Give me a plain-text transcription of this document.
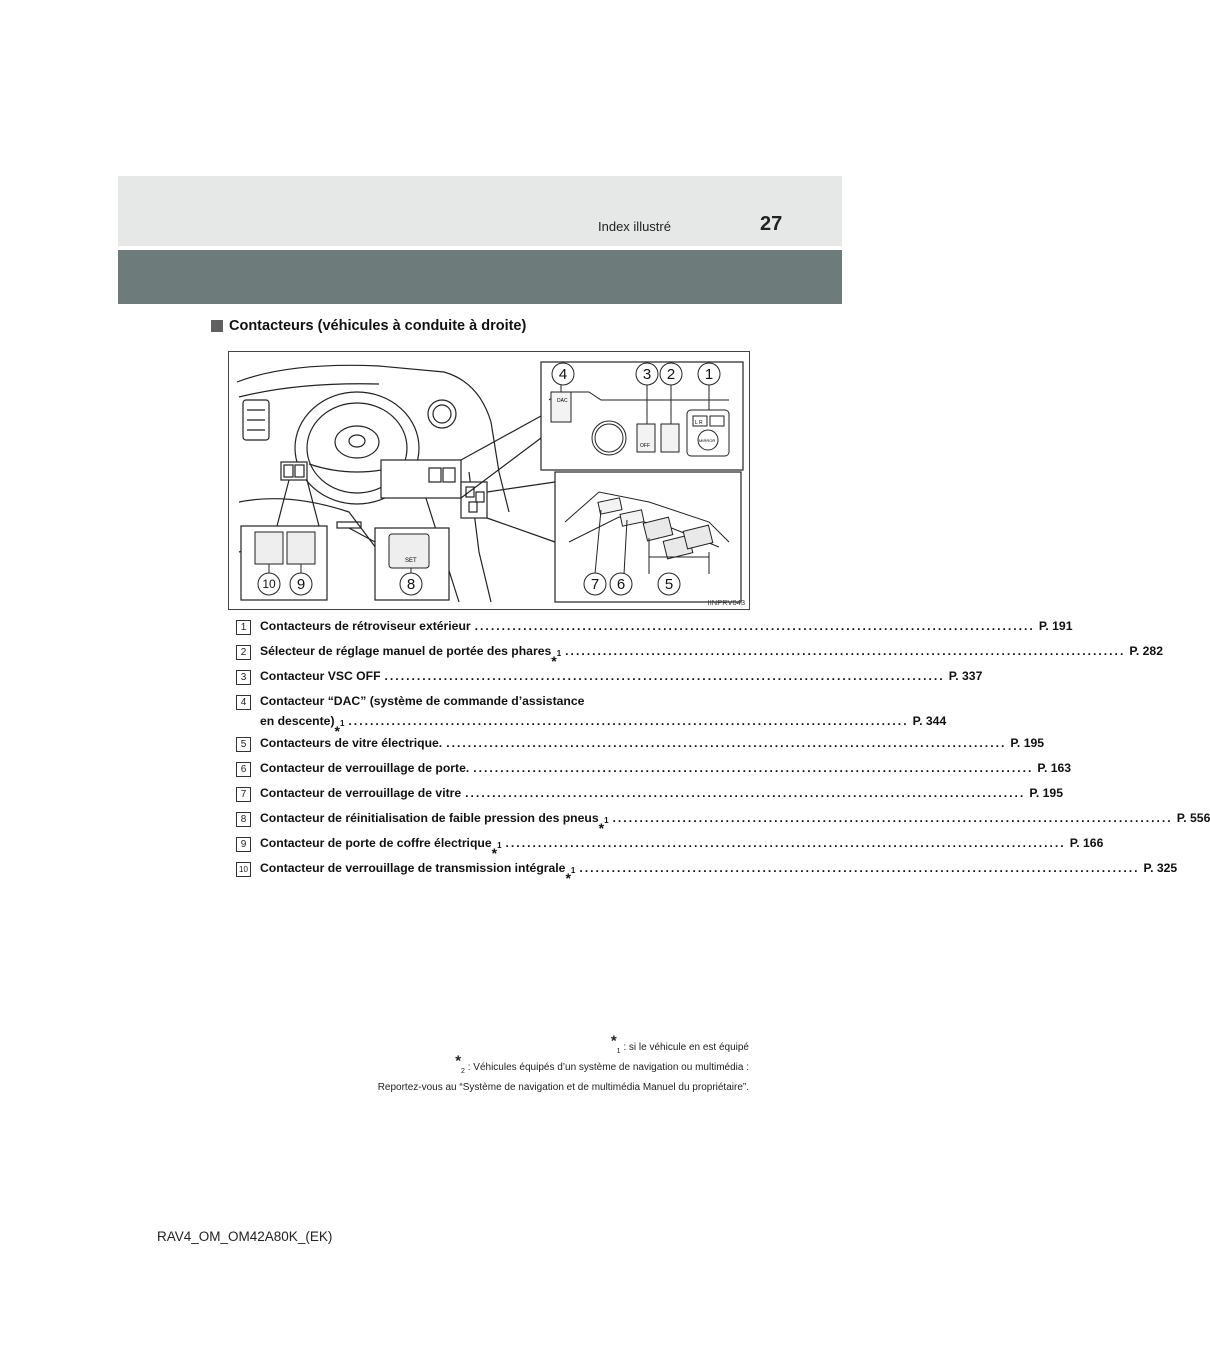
Index illustré	27
Contacteurs (véhicules à conduite à droite)
DAC
OFF
L R
MIRROR
SET
1
2
3
4
5
6
7
8
9
10
IINPRV043
1	Contacteurs de rétroviseur extérieur ........................................................................................................ P. 191
2	Sélecteur de réglage manuel de portée des phares
$*_1$ ........................................................................................................ P. 282
3	Contacteur VSC OFF ........................................................................................................ P. 337
4	Contacteur “DAC” (système de commande d’assistance
en descente)
$*_1$ ........................................................................................................ P. 344
5	Contacteurs de vitre électrique. ........................................................................................................ P. 195
6	Contacteur de verrouillage de porte. ........................................................................................................ P. 163
7	Contacteur de verrouillage de vitre ........................................................................................................ P. 195
8	Contacteur de réinitialisation de faible pression des pneus
$*_1$ ........................................................................................................ P. 556
9	Contacteur de porte de coffre électrique
$*_1$ ........................................................................................................ P. 166
10 Contacteur de verrouillage de transmission intégrale
$*_1$ ........................................................................................................ P. 325
$*_1$ : si le véhicule en est équipé
$*_2$ : Véhicules équipés d’un système de navigation ou multimédia :
Reportez-vous au “Système de navigation et de multimédia Manuel du propriétaire”.
RAV4_OM_OM42A80K_(EK)
